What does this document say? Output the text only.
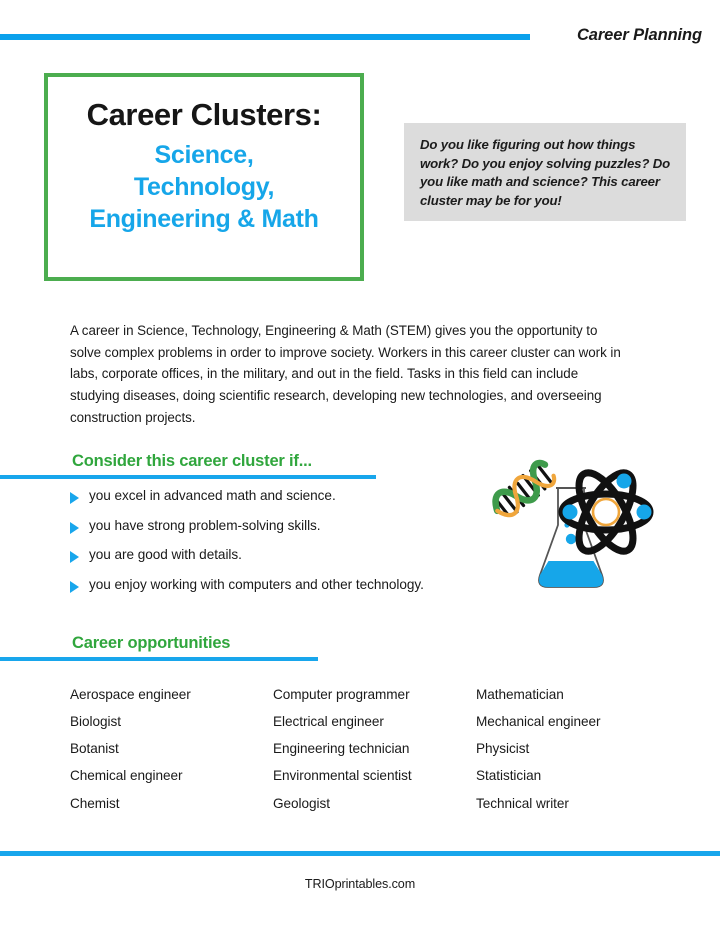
Career Planning
Career Clusters:
Science,
Technology,
Engineering & Math
Do you like figuring out how things work? Do you enjoy solving puzzles? Do you like math and science? This career cluster may be for you!
A career in Science, Technology, Engineering & Math (STEM) gives you the opportunity to solve complex problems in order to improve society. Workers in this career cluster can work in labs, corporate offices, in the military, and out in the field. Tasks in this field can include studying diseases, doing scientific research, developing new technologies, and overseeing construction projects.
Consider this career cluster if...
you excel in advanced math and science.
you have strong problem-solving skills.
you are good with details.
you enjoy working with computers and other technology.
Career opportunities
Aerospace engineer
Biologist
Botanist
Chemical engineer
Chemist
Computer programmer
Electrical engineer
Engineering technician
Environmental scientist
Geologist
Mathematician
Mechanical engineer
Physicist
Statistician
Technical writer
TRIOprintables.com
